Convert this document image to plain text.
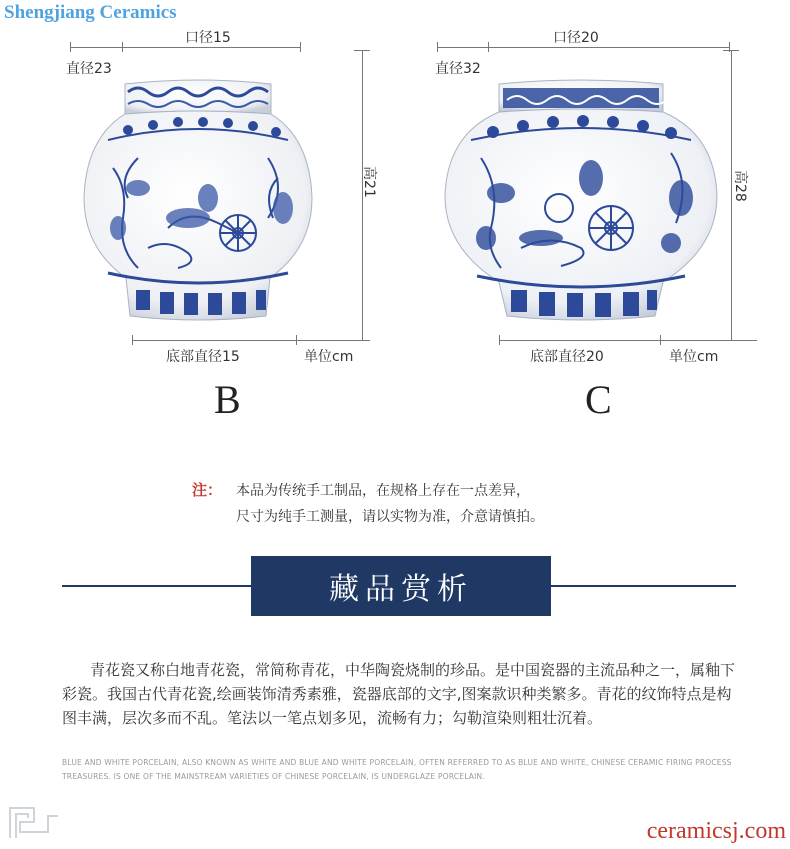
Shengjiang Ceramics
口径15
直径23
高21
底部直径15	单位cm
B
口径20
直径32
高28
底部直径20	单位cm
C
注： 本品为传统手工制品，在规格上存在一点差异，
尺寸为纯手工测量，请以实物为准，介意请慎拍。
藏品赏析
青花瓷又称白地青花瓷，常简称青花，中华陶瓷烧制的珍品。是中国瓷器的主流品种之一，属釉下彩瓷。我国古代青花瓷,绘画装饰清秀素雅，瓷器底部的文字,图案款识种类繁多。青花的纹饰特点是构图丰满，层次多而不乱。笔法以一笔点划多见，流畅有力；勾勒渲染则粗壮沉着。
BLUE AND WHITE PORCELAIN, ALSO KNOWN AS WHITE AND BLUE AND WHITE PORCELAIN, OFTEN REFERRED TO AS BLUE AND WHITE, CHINESE CERAMIC FIRING PROCESS TREASURES. IS ONE OF THE MAINSTREAM VARIETIES OF CHINESE PORCELAIN, IS UNDERGLAZE PORCELAIN.
ceramicsj.com
